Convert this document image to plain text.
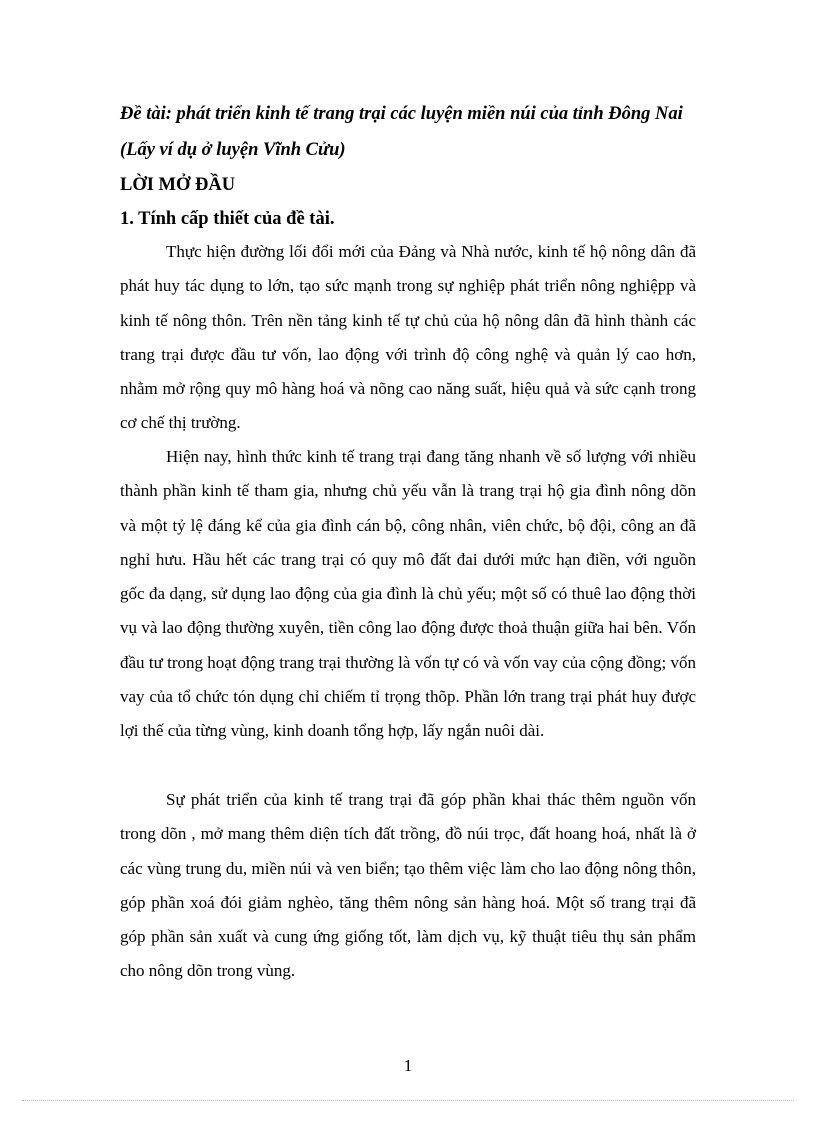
Đề tài: phát triển kinh tế trang trại các luyện miền núi của tỉnh Đông Nai
(Lấy ví dụ ở luyện Vĩnh Cửu)
LỜI MỞ ĐẦU
1. Tính cấp thiết của đề tài.

Thực hiện đường lối đổi mới của Đảng và Nhà nước, kinh tế hộ nông dân đã phát huy tác dụng to lớn, tạo sức mạnh trong sự nghiệp phát triển nông nghiệpp và kinh tế nông thôn. Trên nền tảng kinh tế tự chủ của hộ nông dân đã hình thành các trang trại được đầu tư vốn, lao động với trình độ công nghệ và quản lý cao hơn, nhằm mở rộng quy mô hàng hoá và nõng cao năng suất, hiệu quả và sức cạnh trong cơ chế thị trường.

Hiện nay, hình thức kinh tế trang trại đang tăng nhanh về số lượng với nhiều thành phần kinh tế tham gia, nhưng chủ yếu vẫn là trang trại hộ gia đình nông dõn và một tỷ lệ đáng kể của gia đình cán bộ, công nhân, viên chức, bộ đội, công an đã nghỉ hưu. Hầu hết các trang trại có quy mô đất đai dưới mức hạn điền, với nguồn gốc đa dạng, sử dụng lao động của gia đình là chủ yếu; một số có thuê lao động thời vụ và lao động thường xuyên, tiền công lao động được thoả thuận giữa hai bên. Vốn đầu tư trong hoạt động trang trại thường là vốn tự có và vốn vay của cộng đồng; vốn vay của tổ chức tón dụng chỉ chiếm tỉ trọng thõp. Phần lớn trang trại phát huy được lợi thế của từng vùng, kinh doanh tổng hợp, lấy ngắn nuôi dài.

Sự phát triển của kinh tế trang trại đã góp phần khai thác thêm nguồn vốn trong dõn , mở mang thêm diện tích đất trồng, đồ núi trọc, đất hoang hoá, nhất là ở các vùng trung du, miền núi và ven biển; tạo thêm việc làm cho lao động nông thôn, góp phần xoá đói giảm nghèo, tăng thêm nông sản hàng hoá. Một số trang trại đã góp phần sản xuất và cung ứng giống tốt, làm dịch vụ, kỹ thuật tiêu thụ sản phẩm cho nông dõn trong vùng.

1
